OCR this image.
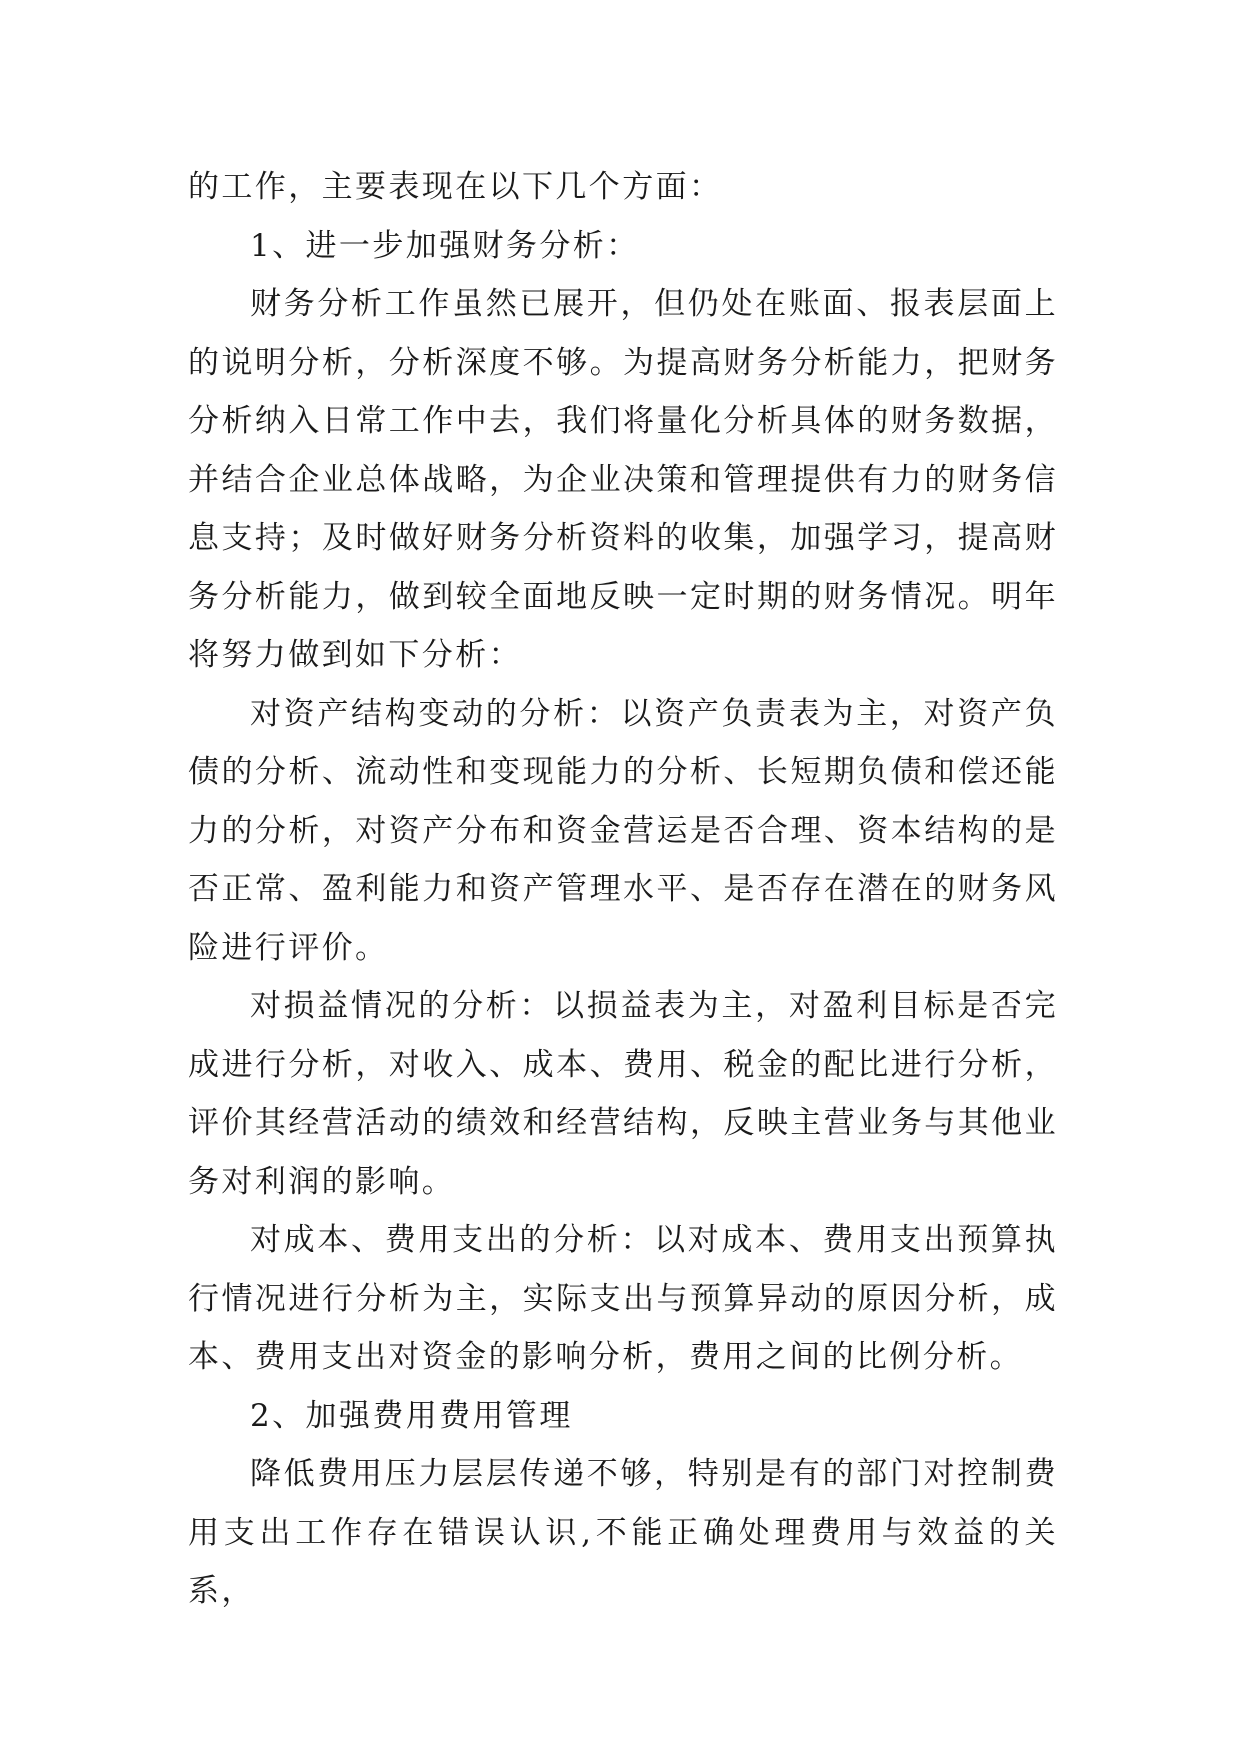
的工作，主要表现在以下几个方面：

1、进一步加强财务分析：

财务分析工作虽然已展开，但仍处在账面、报表层面上的说明分析，分析深度不够。为提高财务分析能力，把财务分析纳入日常工作中去，我们将量化分析具体的财务数据，并结合企业总体战略，为企业决策和管理提供有力的财务信息支持；及时做好财务分析资料的收集，加强学习，提高财务分析能力，做到较全面地反映一定时期的财务情况。明年将努力做到如下分析：

对资产结构变动的分析：以资产负责表为主，对资产负债的分析、流动性和变现能力的分析、长短期负债和偿还能力的分析，对资产分布和资金营运是否合理、资本结构的是否正常、盈利能力和资产管理水平、是否存在潜在的财务风险进行评价。

对损益情况的分析：以损益表为主，对盈利目标是否完成进行分析，对收入、成本、费用、税金的配比进行分析，评价其经营活动的绩效和经营结构，反映主营业务与其他业务对利润的影响。

对成本、费用支出的分析：以对成本、费用支出预算执行情况进行分析为主，实际支出与预算异动的原因分析，成本、费用支出对资金的影响分析，费用之间的比例分析。

2、加强费用费用管理

降低费用压力层层传递不够，特别是有的部门对控制费用支出工作存在错误认识,不能正确处理费用与效益的关系，
